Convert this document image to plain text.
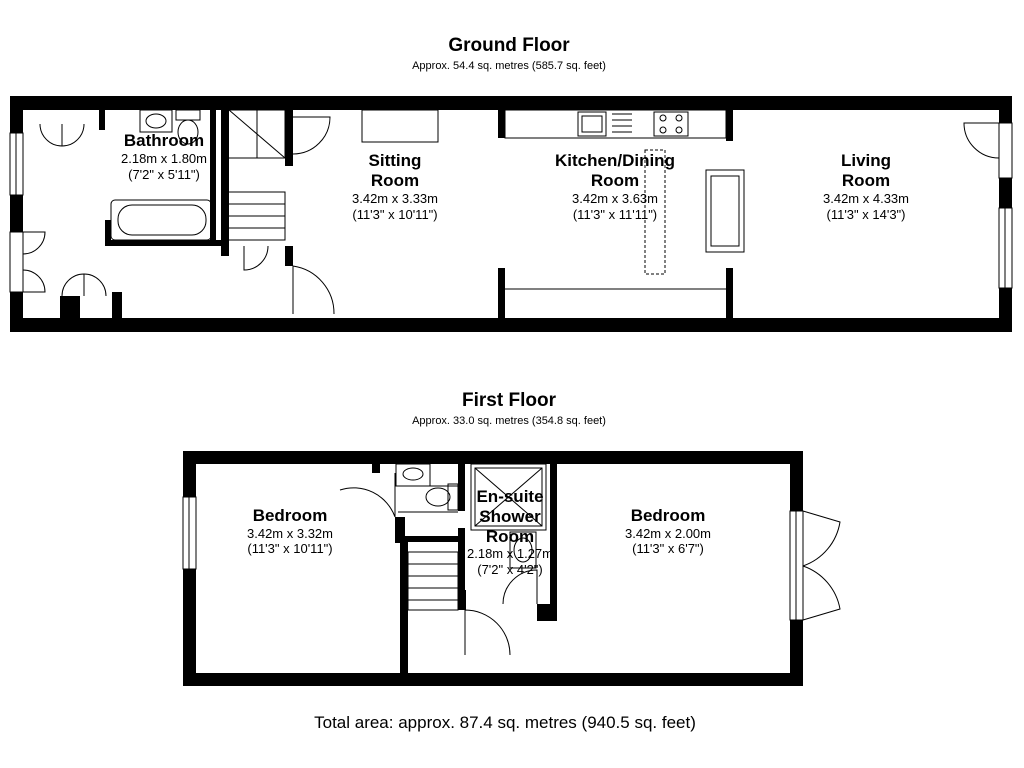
Ground Floor
Approx. 54.4 sq. metres (585.7 sq. feet)
Bathroom
2.18m x 1.80m
(7'2" x 5'11")
Sitting
Room
3.42m x 3.33m
(11'3" x 10'11")
Kitchen/Dining
Room
3.42m x 3.63m
(11'3" x 11'11")
Living
Room
3.42m x 4.33m
(11'3" x 14'3")
First Floor
Approx. 33.0 sq. metres (354.8 sq. feet)
Bedroom
3.42m x 3.32m
(11'3" x 10'11")
En-suite
Shower
Room
2.18m x 1.27m
(7'2" x 4'2")
Bedroom
3.42m x 2.00m
(11'3" x 6'7")
Total area: approx. 87.4 sq. metres (940.5 sq. feet)
